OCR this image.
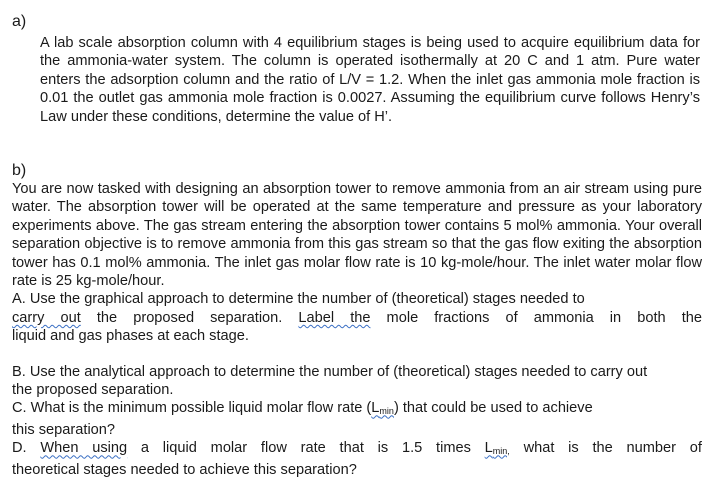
a)
A lab scale absorption column with 4 equilibrium stages is being used to acquire equilibrium data for the ammonia-water system. The column is operated isothermally at 20 C and 1 atm. Pure water enters the adsorption column and the ratio of L/V = 1.2. When the inlet gas ammonia mole fraction is 0.01 the outlet gas ammonia mole fraction is 0.0027. Assuming the equilibrium curve follows Henry’s Law under these conditions, determine the value of H’.
b)
You are now tasked with designing an absorption tower to remove ammonia from an air stream using pure water. The absorption tower will be operated at the same temperature and pressure as your laboratory experiments above. The gas stream entering the absorption tower contains 5 mol% ammonia. Your overall separation objective is to remove ammonia from this gas stream so that the gas flow exiting the absorption tower has 0.1 mol% ammonia. The inlet gas molar flow rate is 10 kg-mole/hour. The inlet water molar flow rate is 25 kg-mole/hour.
A. Use the graphical approach to determine the number of (theoretical) stages needed to
carry out the proposed separation. Label the mole fractions of ammonia in both the
liquid and gas phases at each stage.
B. Use the analytical approach to determine the number of (theoretical) stages needed to carry out the proposed separation.
C. What is the minimum possible liquid molar flow rate $(L_{min})$ that could be used to achieve
this separation?
D. When using a liquid molar flow rate that is 1.5 times $L_{min,}$ what is the number of
theoretical stages needed to achieve this separation?
